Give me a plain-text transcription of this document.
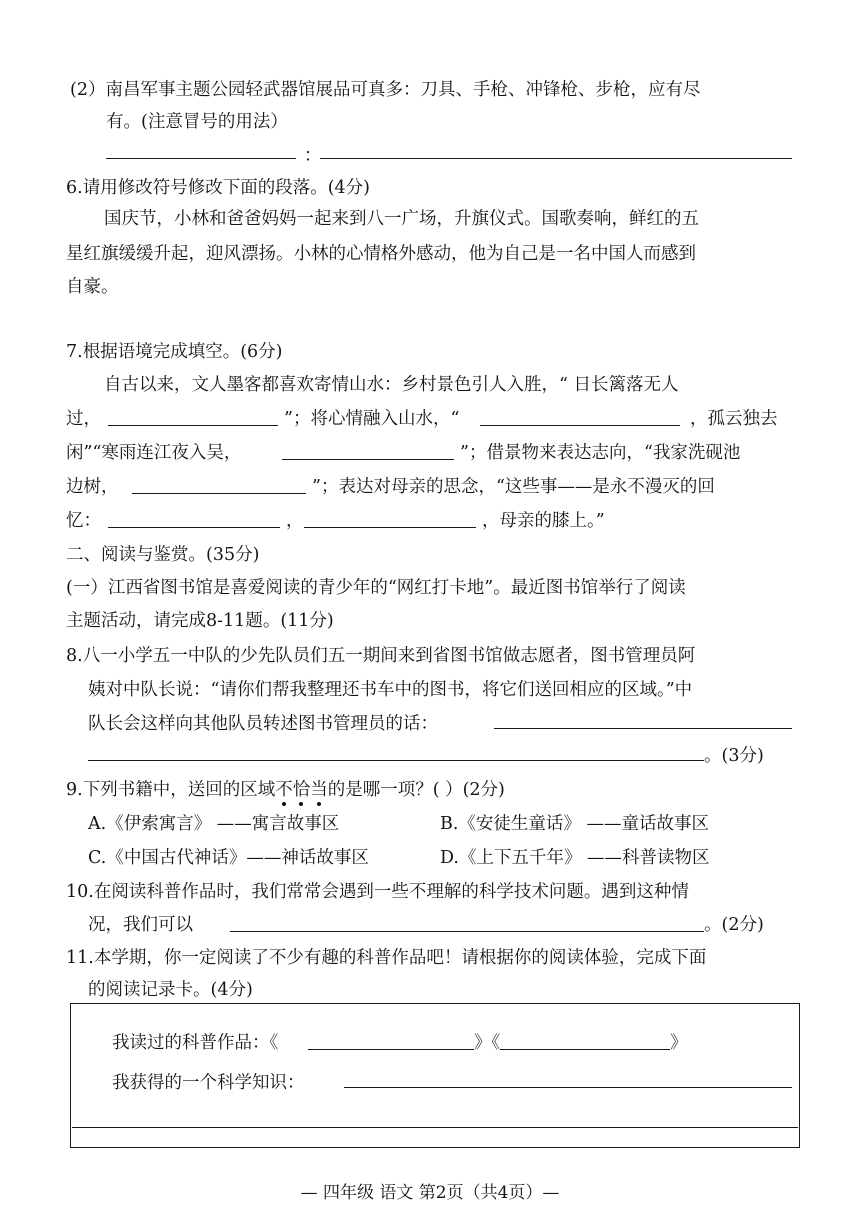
(2）南昌军事主题公园轻武器馆展品可真多：刀具、手枪、冲锋枪、步枪，应有尽
有。(注意冒号的用法）
：
6.请用修改符号修改下面的段落。(4分)
国庆节，小林和爸爸妈妈一起来到八一广场，升旗仪式。国歌奏响，鲜红的五
星红旗缓缓升起，迎风漂扬。小林的心情格外感动，他为自己是一名中国人而感到
自豪。
7.根据语境完成填空。(6分)
自古以来，文人墨客都喜欢寄情山水：乡村景色引人入胜，“ 日长篱落无人
过，	”；将心情融入山水，“	，孤云独去
闲”“寒雨连江夜入吴，	”；借景物来表达志向，“我家洗砚池
边树，	”；表达对母亲的思念，“这些事——是永不漫灭的回
忆：	，	，母亲的膝上。”
二、阅读与鉴赏。(35分)
(一）江西省图书馆是喜爱阅读的青少年的“网红打卡地”。最近图书馆举行了阅读
主题活动，请完成8-11题。(11分)
8.八一小学五一中队的少先队员们五一期间来到省图书馆做志愿者，图书管理员阿
姨对中队长说：“请你们帮我整理还书车中的图书，将它们送回相应的区域。”中
队长会这样向其他队员转述图书管理员的话：
。(3分)
9.下列书籍中，送回的区域不恰当的是哪一项？( ）(2分)
A.《伊索寓言》 ——寓言故事区	B.《安徒生童话》 ——童话故事区
C.《中国古代神话》——神话故事区	D.《上下五千年》 ——科普读物区
10.在阅读科普作品时，我们常常会遇到一些不理解的科学技术问题。遇到这种情
况，我们可以	。(2分)
11.本学期，你一定阅读了不少有趣的科普作品吧！请根据你的阅读体验，完成下面
的阅读记录卡。(4分)
我读过的科普作品：《	》《	》
我获得的一个科学知识：
— 四年级 语文 第2页（共4页）—
